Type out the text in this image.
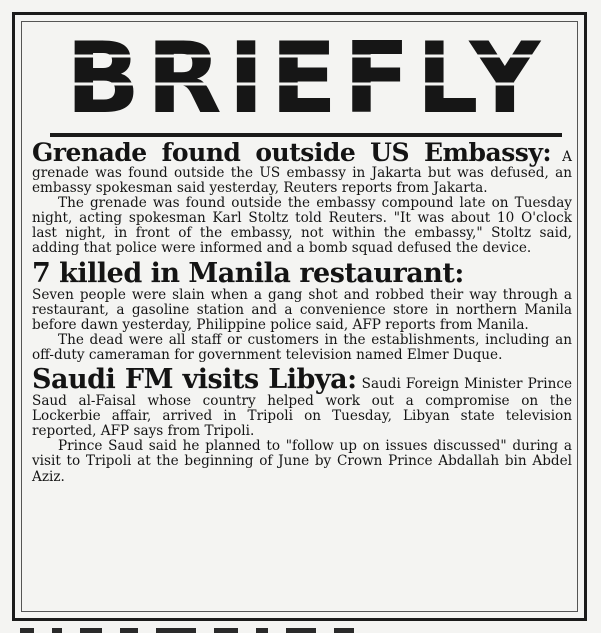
BRIEFLY

Grenade found outside US Embassy: A grenade was found outside the US embassy in Jakarta but was defused, an embassy spokesman said yesterday, Reuters reports from Jakarta.

The grenade was found outside the embassy compound late on Tuesday night, acting spokesman Karl Stoltz told Reuters. "It was about 10 O'clock last night, in front of the embassy, not within the embassy," Stoltz said, adding that police were informed and a bomb squad defused the device.

7 killed in Manila restaurant:

Seven people were slain when a gang shot and robbed their way through a restaurant, a gasoline station and a convenience store in northern Manila before dawn yesterday, Philippine police said, AFP reports from Manila.

The dead were all staff or customers in the establishments, including an off-duty cameraman for government television named Elmer Duque.

Saudi FM visits Libya: Saudi Foreign Minister Prince Saud al-Faisal whose country helped work out a compromise on the Lockerbie affair, arrived in Tripoli on Tuesday, Libyan state television reported, AFP says from Tripoli.

Prince Saud said he planned to "follow up on issues discussed" during a visit to Tripoli at the beginning of June by Crown Prince Abdallah bin Abdel Aziz.
